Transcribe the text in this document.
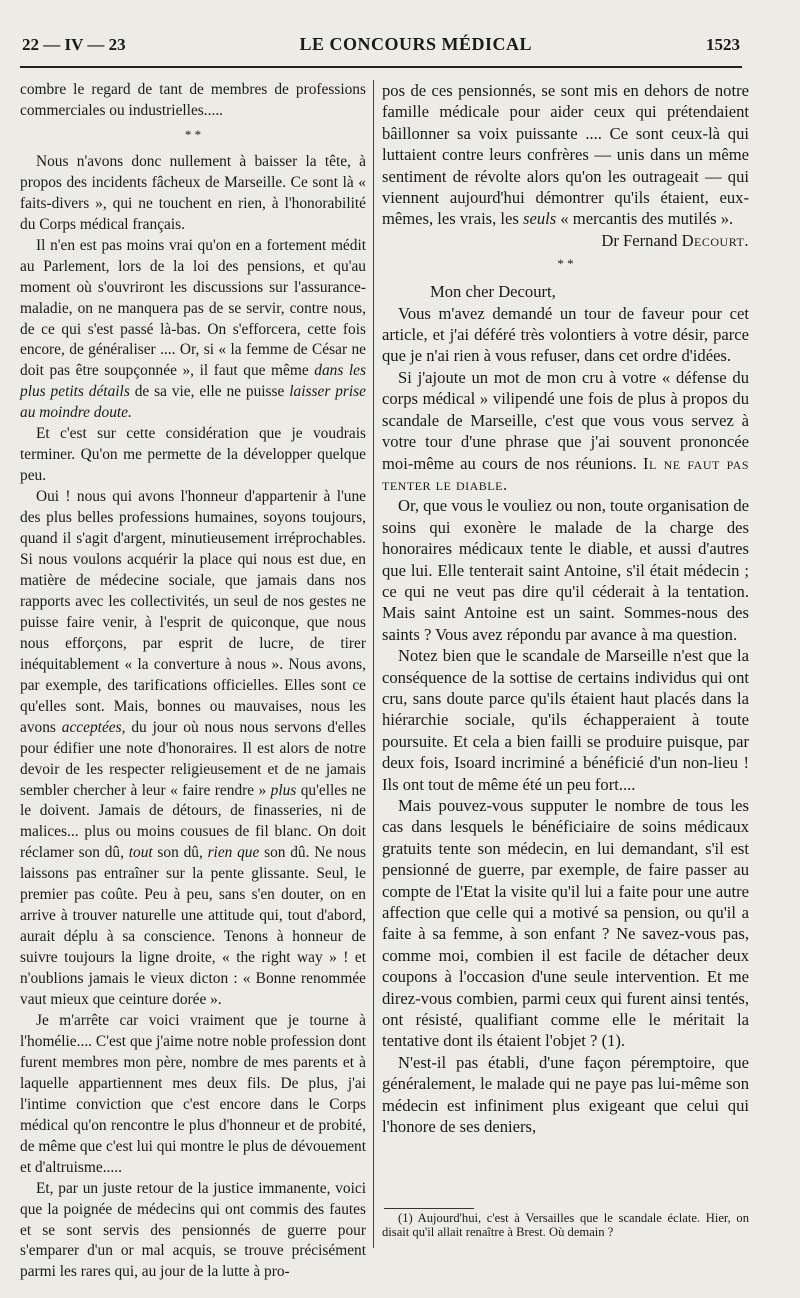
22 — IV — 23	LE CONCOURS MÉDICAL	1523

combre le regard de tant de membres de professions commerciales ou industrielles.....

* *

Nous n'avons donc nullement à baisser la tête, à propos des incidents fâcheux de Marseille. Ce sont là « faits-divers », qui ne touchent en rien, à l'honorabilité du Corps médical français.

Il n'en est pas moins vrai qu'on en a fortement médit au Parlement, lors de la loi des pensions, et qu'au moment où s'ouvriront les discussions sur l'assurance-maladie, on ne manquera pas de se servir, contre nous, de ce qui s'est passé là-bas. On s'efforcera, cette fois encore, de généraliser .... Or, si « la femme de César ne doit pas être soupçonnée », il faut que même dans les plus petits détails de sa vie, elle ne puisse laisser prise au moindre doute.

Et c'est sur cette considération que je voudrais terminer. Qu'on me permette de la développer quelque peu.

Oui ! nous qui avons l'honneur d'appartenir à l'une des plus belles professions humaines, soyons toujours, quand il s'agit d'argent, minutieusement irréprochables. Si nous voulons acquérir la place qui nous est due, en matière de médecine sociale, que jamais dans nos rapports avec les collectivités, un seul de nos gestes ne puisse faire venir, à l'esprit de quiconque, que nous nous efforçons, par esprit de lucre, de tirer inéquitablement « la converture à nous ». Nous avons, par exemple, des tarifications officielles. Elles sont ce qu'elles sont. Mais, bonnes ou mauvaises, nous les avons acceptées, du jour où nous nous servons d'elles pour édifier une note d'honoraires. Il est alors de notre devoir de les respecter religieusement et de ne jamais sembler chercher à leur « faire rendre » plus qu'elles ne le doivent. Jamais de détours, de finasseries, ni de malices... plus ou moins cousues de fil blanc. On doit réclamer son dû, tout son dû, rien que son dû. Ne nous laissons pas entraîner sur la pente glissante. Seul, le premier pas coûte. Peu à peu, sans s'en douter, on en arrive à trouver naturelle une attitude qui, tout d'abord, aurait déplu à sa conscience. Tenons à honneur de suivre toujours la ligne droite, « the right way » ! et n'oublions jamais le vieux dicton : « Bonne renommée vaut mieux que ceinture dorée ».

Je m'arrête car voici vraiment que je tourne à l'homélie.... C'est que j'aime notre noble profession dont furent membres mon père, nombre de mes parents et à laquelle appartiennent mes deux fils. De plus, j'ai l'intime conviction que c'est encore dans le Corps médical qu'on rencontre le plus d'honneur et de probité, de même que c'est lui qui montre le plus de dévouement et d'altruisme.....

Et, par un juste retour de la justice immanente, voici que la poignée de médecins qui ont commis des fautes et se sont servis des pensionnés de guerre pour s'emparer d'un or mal acquis, se trouve précisément parmi les rares qui, au jour de la lutte à pro-

pos de ces pensionnés, se sont mis en dehors de notre famille médicale pour aider ceux qui prétendaient bâillonner sa voix puissante .... Ce sont ceux-là qui luttaient contre leurs confrères — unis dans un même sentiment de révolte alors qu'on les outrageait — qui viennent aujourd'hui démontrer qu'ils étaient, eux-mêmes, les vrais, les seuls « mercantis des mutilés ».

Dr Fernand Decourt.
* *

Mon cher Decourt,

Vous m'avez demandé un tour de faveur pour cet article, et j'ai déféré très volontiers à votre désir, parce que je n'ai rien à vous refuser, dans cet ordre d'idées.

Si j'ajoute un mot de mon cru à votre « défense du corps médical » vilipendé une fois de plus à propos du scandale de Marseille, c'est que vous vous servez à votre tour d'une phrase que j'ai souvent prononcée moi-même au cours de nos réunions. Il ne faut pas tenter le diable.

Or, que vous le vouliez ou non, toute organisation de soins qui exonère le malade de la charge des honoraires médicaux tente le diable, et aussi d'autres que lui. Elle tenterait saint Antoine, s'il était médecin ; ce qui ne veut pas dire qu'il céderait à la tentation. Mais saint Antoine est un saint. Sommes-nous des saints ? Vous avez répondu par avance à ma question.

Notez bien que le scandale de Marseille n'est que la conséquence de la sottise de certains individus qui ont cru, sans doute parce qu'ils étaient haut placés dans la hiérarchie sociale, qu'ils échapperaient à toute poursuite. Et cela a bien failli se produire puisque, par deux fois, Isoard incriminé a bénéficié d'un non-lieu ! Ils ont tout de même été un peu fort....

Mais pouvez-vous supputer le nombre de tous les cas dans lesquels le bénéficiaire de soins médicaux gratuits tente son médecin, en lui demandant, s'il est pensionné de guerre, par exemple, de faire passer au compte de l'Etat la visite qu'il lui a faite pour une autre affection que celle qui a motivé sa pension, ou qu'il a faite à sa femme, à son enfant ? Ne savez-vous pas, comme moi, combien il est facile de détacher deux coupons à l'occasion d'une seule intervention. Et me direz-vous combien, parmi ceux qui furent ainsi tentés, ont résisté, qualifiant comme elle le méritait la tentative dont ils étaient l'objet ? (1).

N'est-il pas établi, d'une façon péremptoire, que généralement, le malade qui ne paye pas lui-même son médecin est infiniment plus exigeant que celui qui l'honore de ses deniers,

(1) Aujourd'hui, c'est à Versailles que le scandale éclate. Hier, on disait qu'il allait renaître à Brest. Où demain ?
